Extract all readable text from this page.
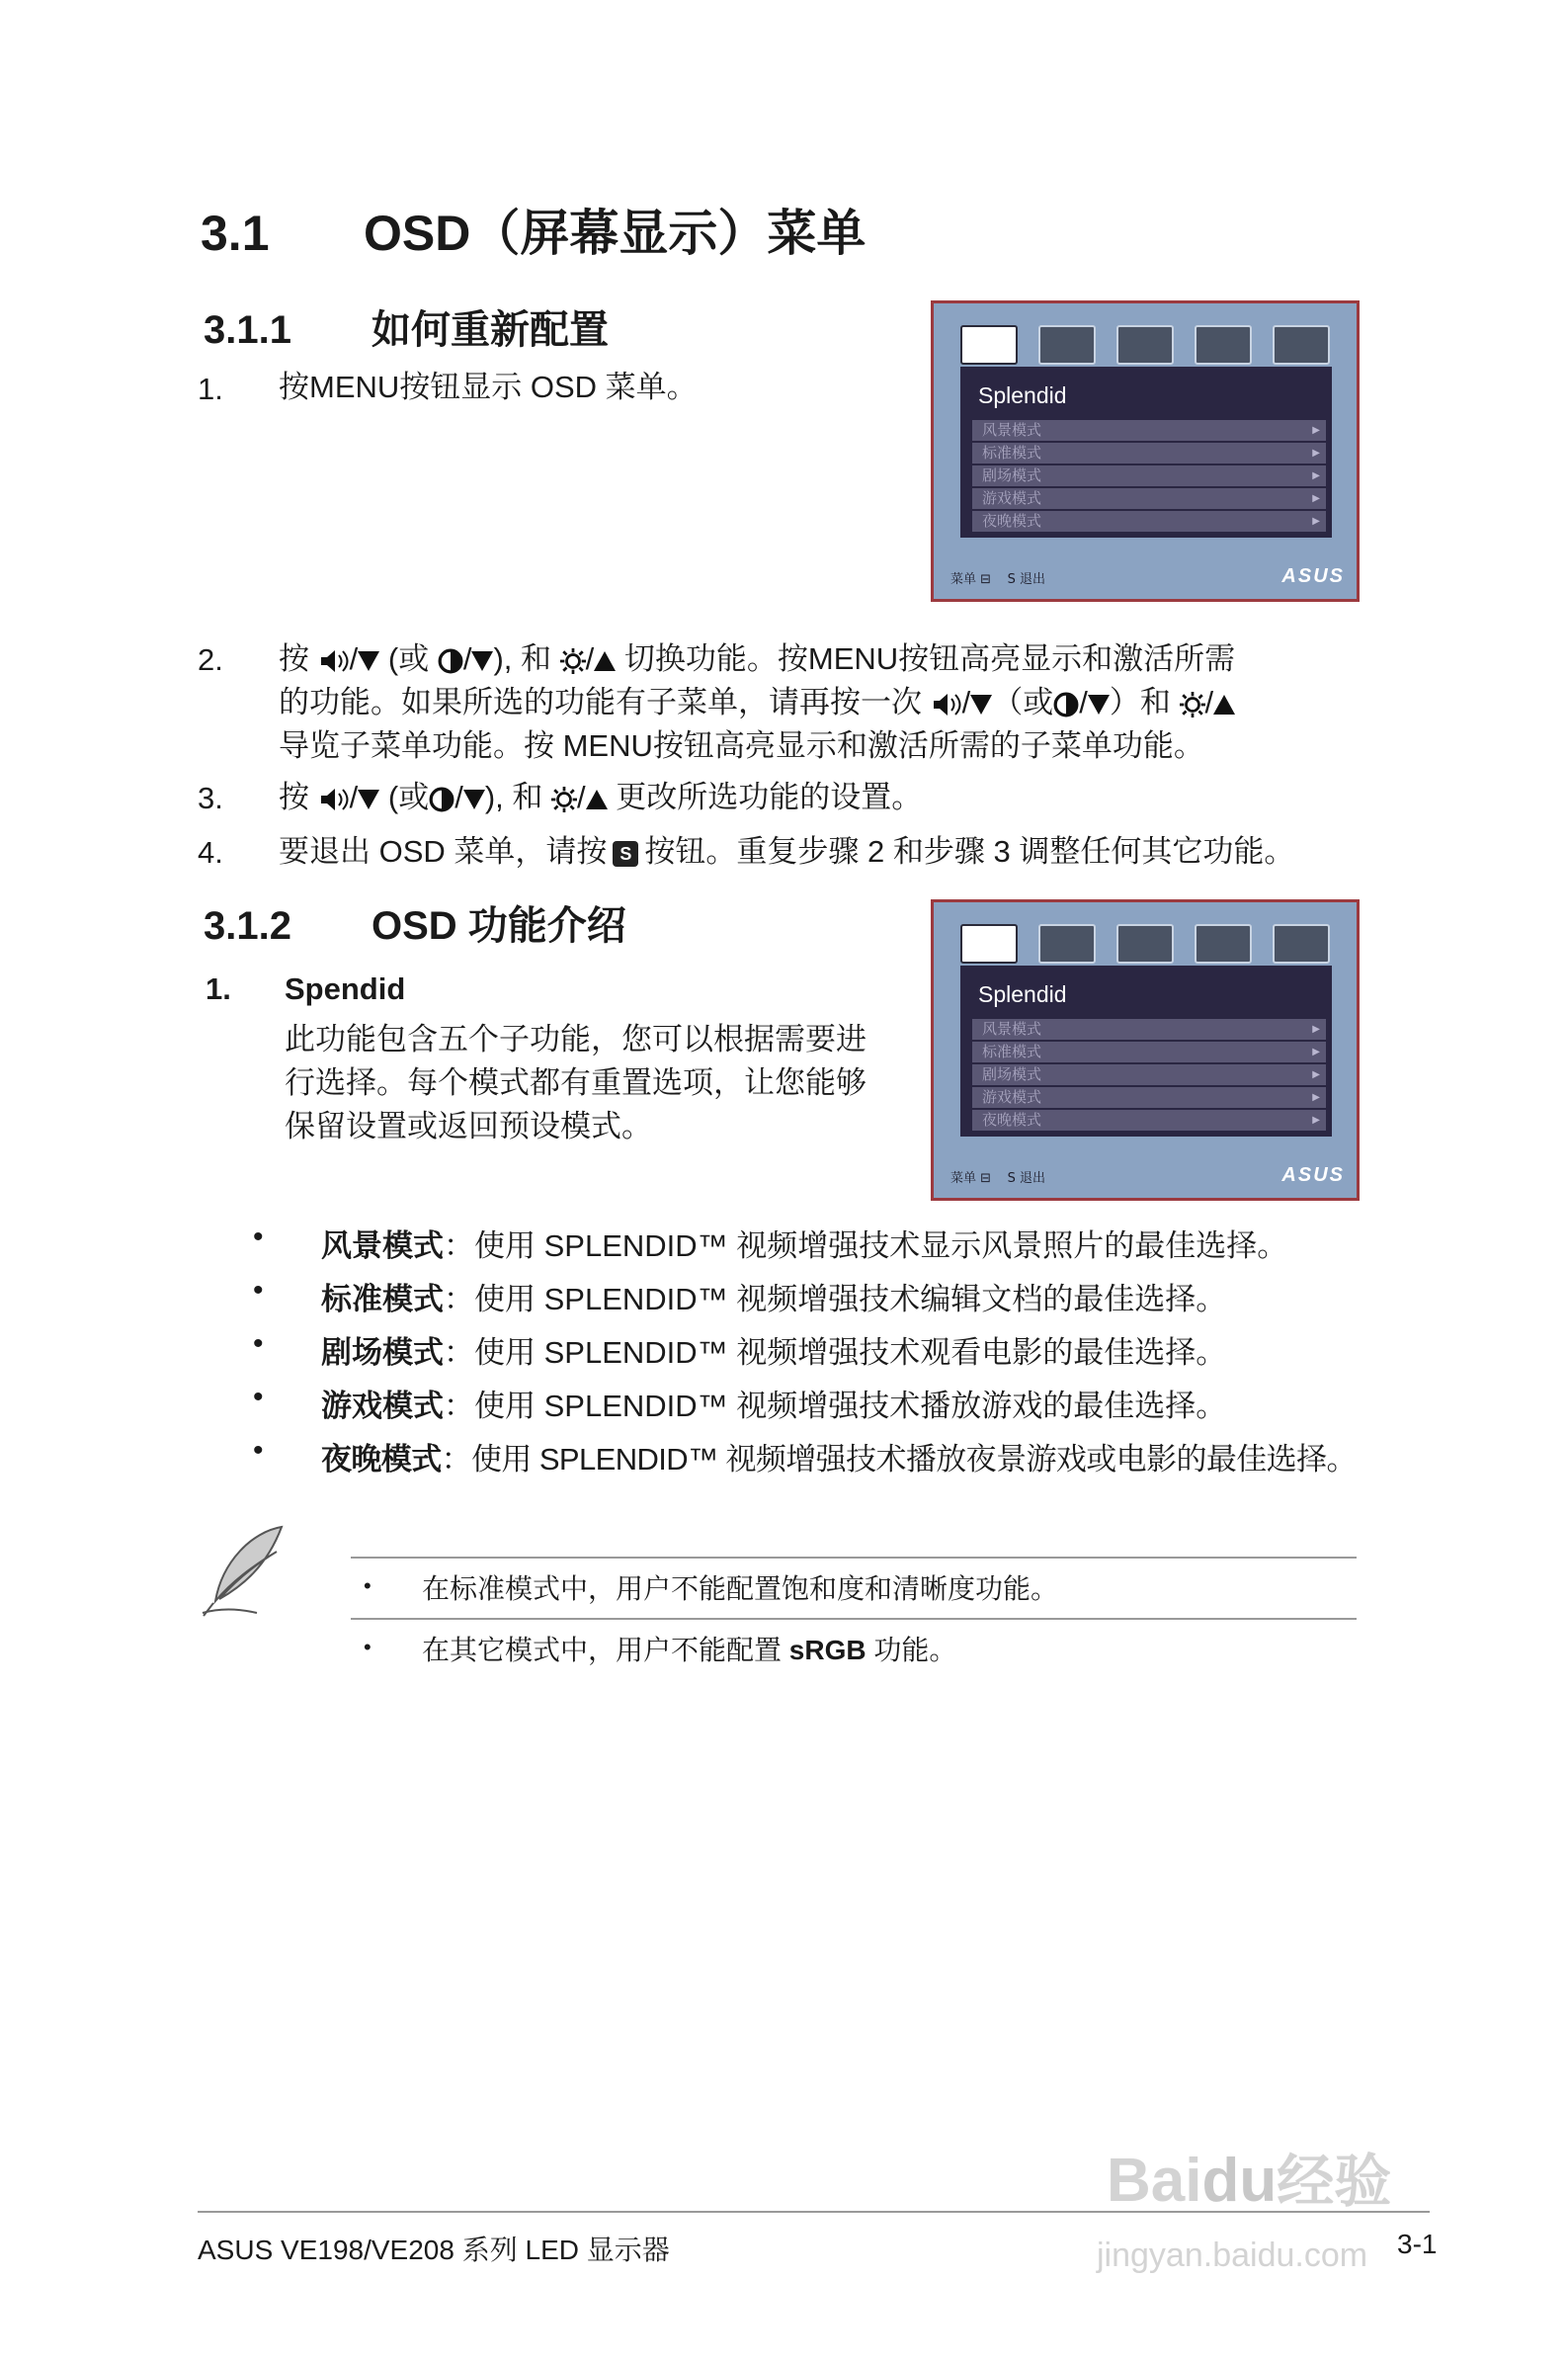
3.1 OSD（屏幕显示）菜单
3.1.1 如何重新配置
1. 按MENU按钮显示 OSD 菜单。	Splendid
风景模式 ▶
标准模式 ▶
剧场模式 ▶
游戏模式 ▶
夜晚模式 ▶
菜单 ⊟ S 退出	ASUS
2. 按 / (或 / ), 和 / 切换功能。按MENU按钮高亮显示和激活所需
的功能。如果所选的功能有子菜单，请再按一次 / （或 / ）和 /
导览子菜单功能。按 MENU按钮高亮显示和激活所需的子菜单功能。
3. 按 / (或 / ), 和 / 更改所选功能的设置。
4. 要退出 OSD 菜单，请按 S 按钮。重复步骤 2 和步骤 3 调整任何其它功能。
3.1.2 OSD 功能介绍
1. Spendid
此功能包含五个子功能，您可以根据需要进
行选择。每个模式都有重置选项，让您能够
保留设置或返回预设模式。
Splendid
风景模式 ▶
标准模式 ▶
剧场模式 ▶
游戏模式 ▶
夜晚模式 ▶
菜单 ⊟ S 退出	ASUS
• 风景模式：使用 SPLENDID™ 视频增强技术显示风景照片的最佳选择。
• 标准模式：使用 SPLENDID™ 视频增强技术编辑文档的最佳选择。
• 剧场模式：使用 SPLENDID™ 视频增强技术观看电影的最佳选择。
• 游戏模式：使用 SPLENDID™ 视频增强技术播放游戏的最佳选择。
• 夜晚模式：使用 SPLENDID™ 视频增强技术播放夜景游戏或电影的最佳选择。
• 在标准模式中，用户不能配置饱和度和清晰度功能。
• 在其它模式中，用户不能配置 sRGB 功能。
Baidu经验
jingyan.baidu.com
ASUS VE198/VE208 系列 LED 显示器	3-1
